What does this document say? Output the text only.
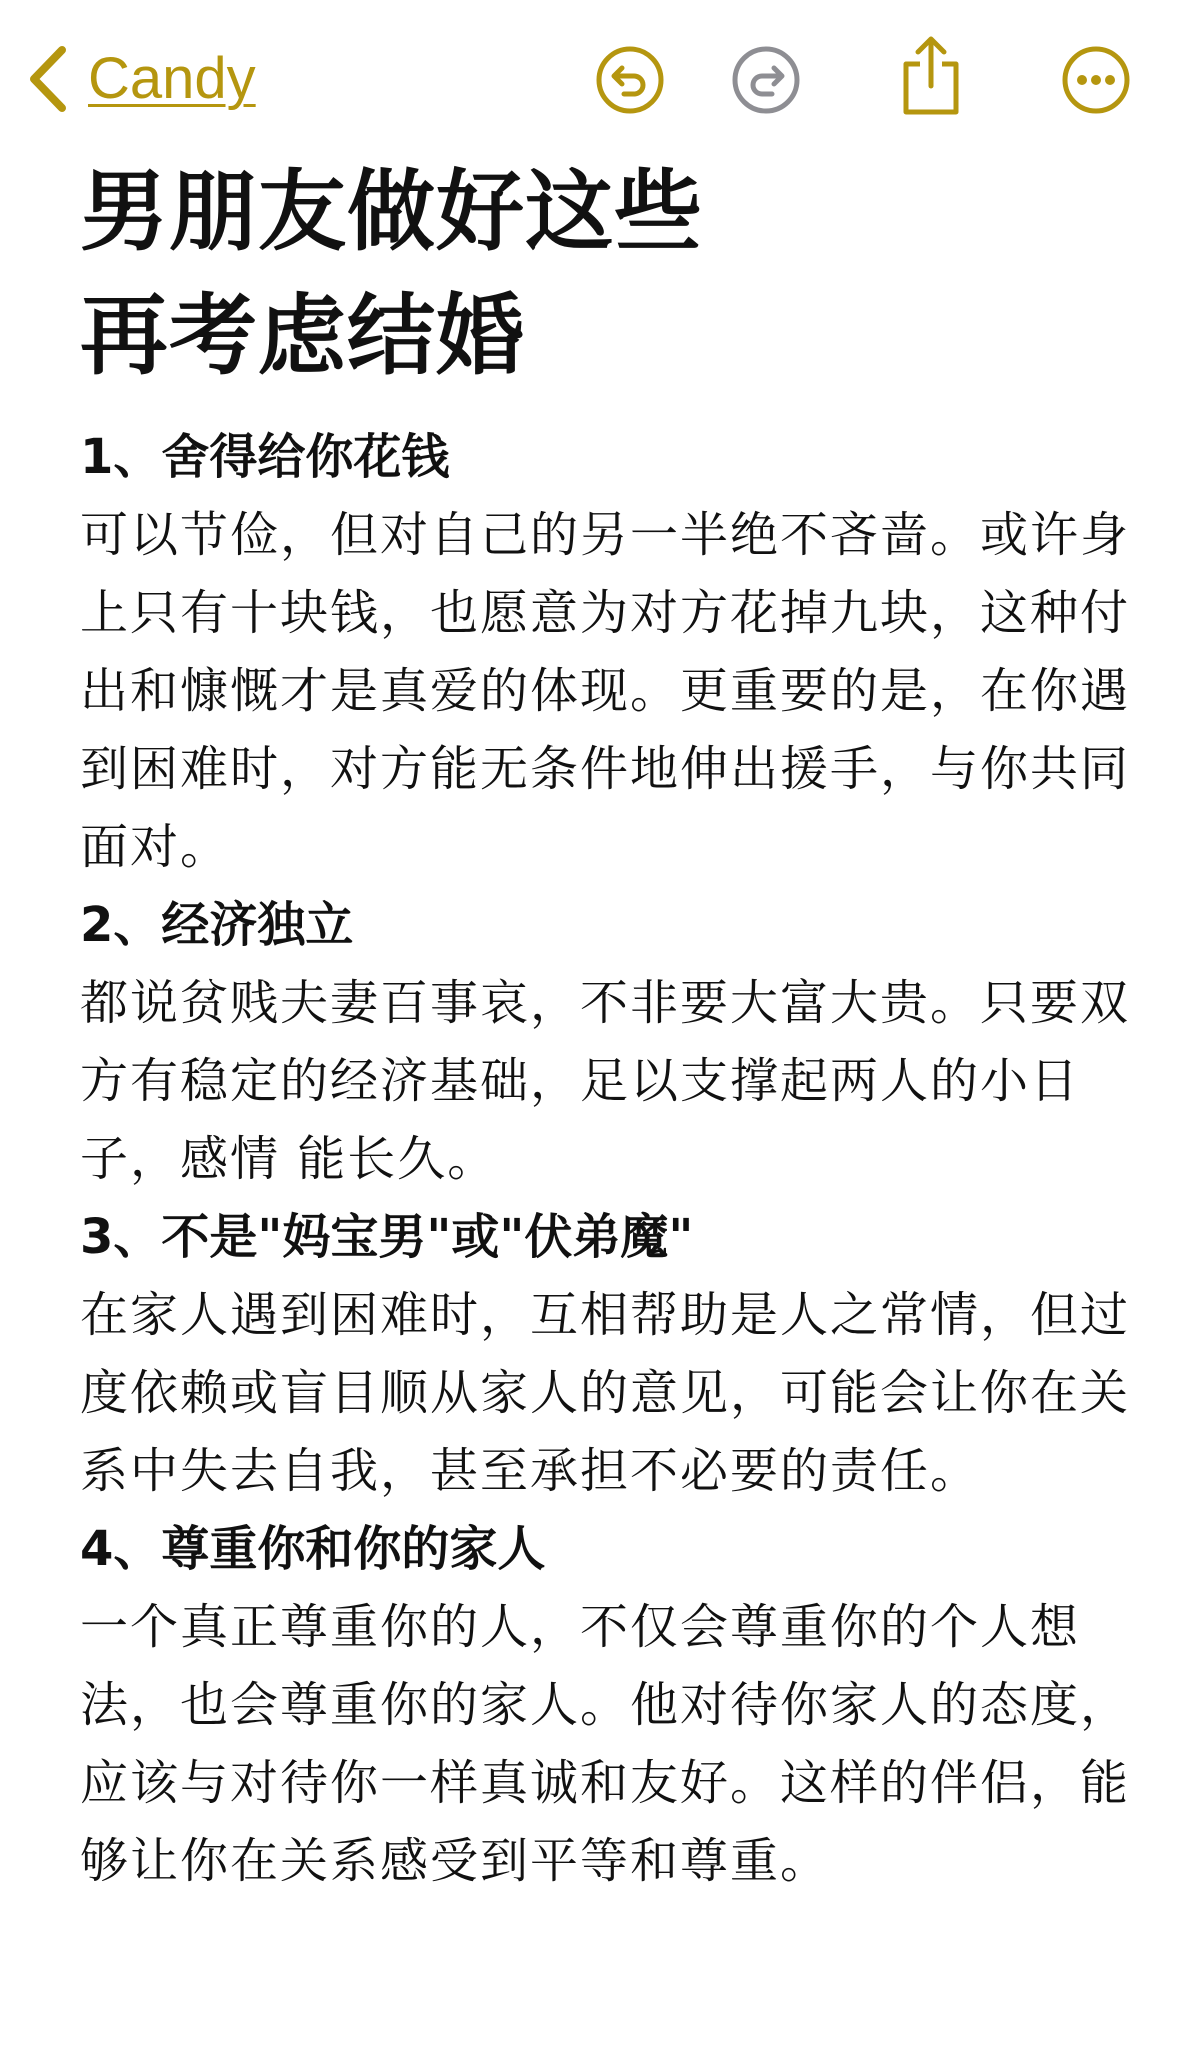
Candy
男朋友做好这些
再考虑结婚

1、舍得给你花钱

可以节俭，但对自己的另一半绝不吝啬。或许身上只有十块钱，也愿意为对方花掉九块，这种付出和慷慨才是真爱的体现。更重要的是，在你遇到困难时，对方能无条件地伸出援手，与你共同面对。

2、经济独立

都说贫贱夫妻百事哀，不非要大富大贵。只要双方有稳定的经济基础，足以支撑起两人的小日子，感情 能长久。

3、不是"妈宝男"或"伏弟魔"

在家人遇到困难时，互相帮助是人之常情，但过度依赖或盲目顺从家人的意见，可能会让你在关系中失去自我，甚至承担不必要的责任。

4、尊重你和你的家人

一个真正尊重你的人，不仅会尊重你的个人想法，也会尊重你的家人。他对待你家人的态度，应该与对待你一样真诚和友好。这样的伴侣，能够让你在关系感受到平等和尊重。
